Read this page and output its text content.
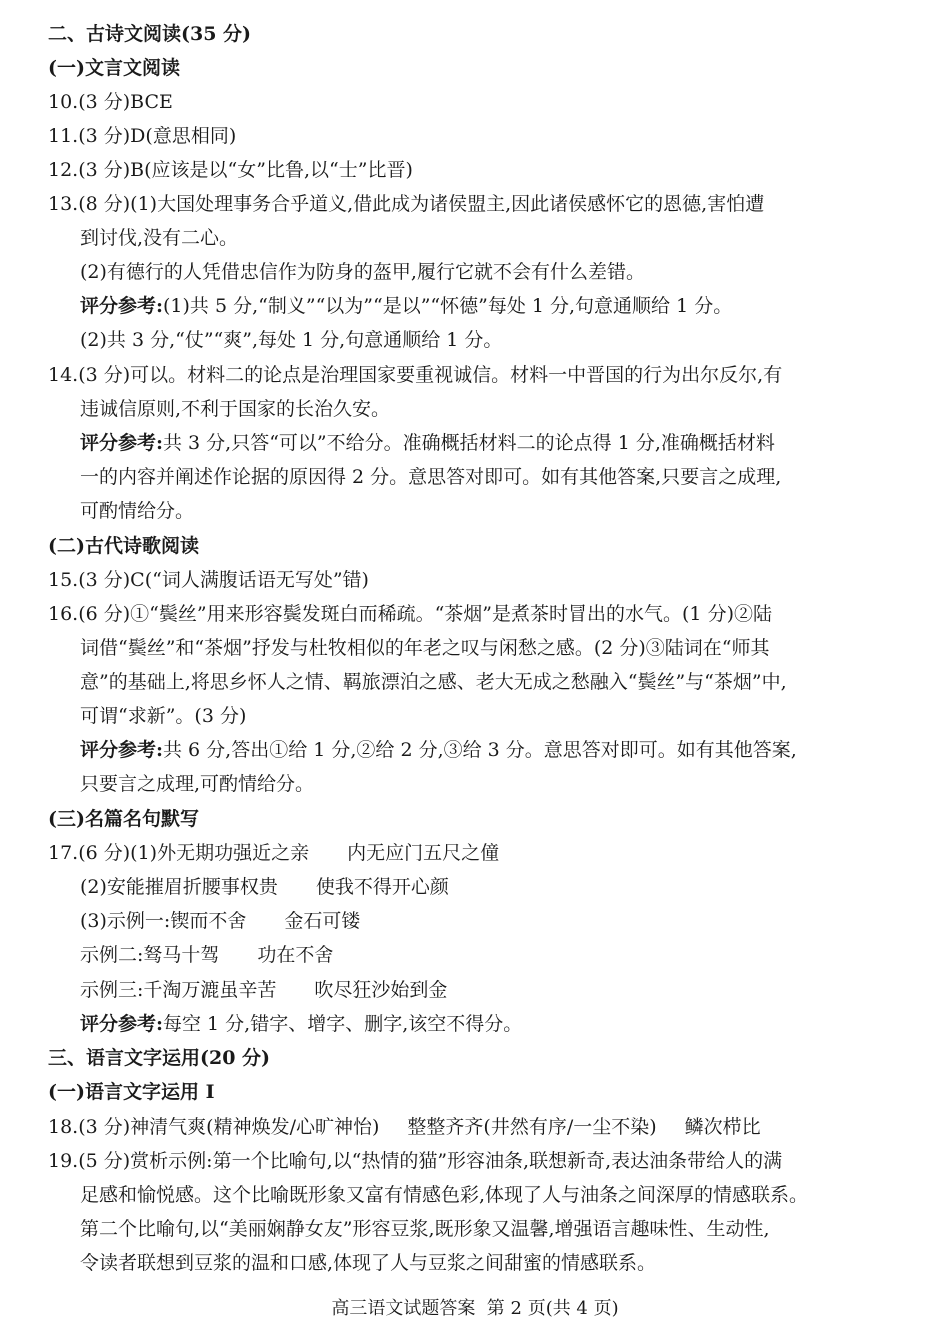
二、古诗文阅读(35 分)
(一)文言文阅读
10.(3 分)BCE
11.(3 分)D(意思相同)
12.(3 分)B(应该是以“女”比鲁,以“士”比晋)
13.(8 分)(1)大国处理事务合乎道义,借此成为诸侯盟主,因此诸侯感怀它的恩德,害怕遭
到讨伐,没有二心。
(2)有德行的人凭借忠信作为防身的盔甲,履行它就不会有什么差错。
评分参考:(1)共 5 分,“制义”“以为”“是以”“怀德”每处 1 分,句意通顺给 1 分。
(2)共 3 分,“仗”“爽”,每处 1 分,句意通顺给 1 分。
14.(3 分)可以。材料二的论点是治理国家要重视诚信。材料一中晋国的行为出尔反尔,有
违诚信原则,不利于国家的长治久安。
评分参考:共 3 分,只答“可以”不给分。准确概括材料二的论点得 1 分,准确概括材料
一的内容并阐述作论据的原因得 2 分。意思答对即可。如有其他答案,只要言之成理,
可酌情给分。
(二)古代诗歌阅读
15.(3 分)C(“词人满腹话语无写处”错)
16.(6 分)①“鬓丝”用来形容鬓发斑白而稀疏。“茶烟”是煮茶时冒出的水气。(1 分)②陆
词借“鬓丝”和“茶烟”抒发与杜牧相似的年老之叹与闲愁之感。(2 分)③陆词在“师其
意”的基础上,将思乡怀人之情、羁旅漂泊之感、老大无成之愁融入“鬓丝”与“茶烟”中,
可谓“求新”。(3 分)
评分参考:共 6 分,答出①给 1 分,②给 2 分,③给 3 分。意思答对即可。如有其他答案,
只要言之成理,可酌情给分。
(三)名篇名句默写
17.(6 分)(1)外无期功强近之亲 内无应门五尺之僮
(2)安能摧眉折腰事权贵 使我不得开心颜
(3)示例一:锲而不舍 金石可镂
示例二:驽马十驾 功在不舍
示例三:千淘万漉虽辛苦 吹尽狂沙始到金
评分参考:每空 1 分,错字、增字、删字,该空不得分。
三、语言文字运用(20 分)
(一)语言文字运用 Ⅰ
18.(3 分)神清气爽(精神焕发/心旷神怡) 整整齐齐(井然有序/一尘不染) 鳞次栉比
19.(5 分)赏析示例:第一个比喻句,以“热情的猫”形容油条,联想新奇,表达油条带给人的满
足感和愉悦感。这个比喻既形象又富有情感色彩,体现了人与油条之间深厚的情感联系。
第二个比喻句,以“美丽娴静女友”形容豆浆,既形象又温馨,增强语言趣味性、生动性,
令读者联想到豆浆的温和口感,体现了人与豆浆之间甜蜜的情感联系。
高三语文试题答案 第 2 页(共 4 页)
